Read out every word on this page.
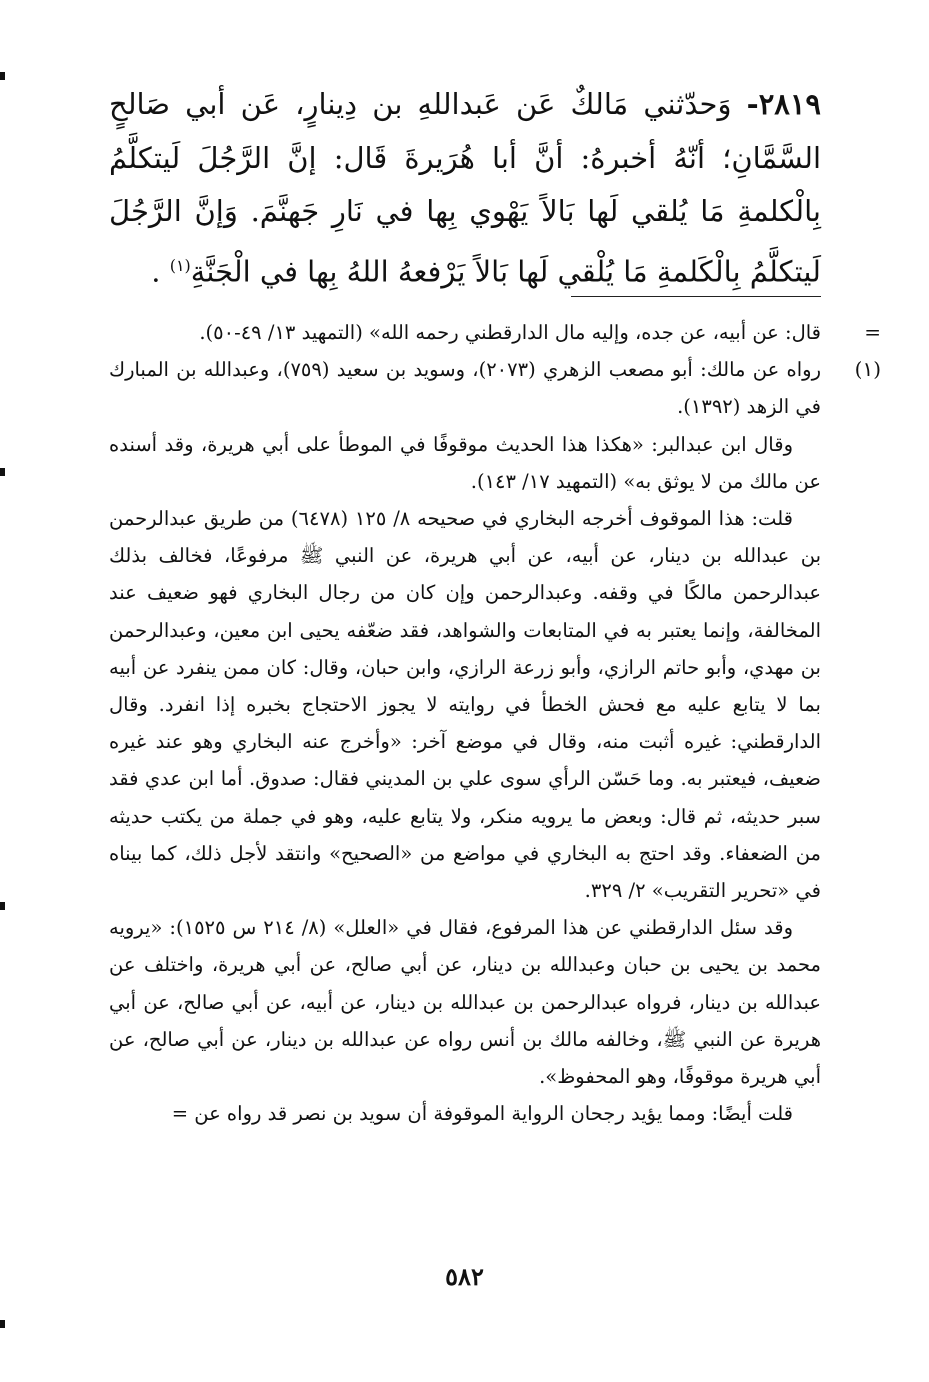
٢٨١٩- وَحدّثني مَالكٌ عَن عَبداللهِ بن دِينارٍ، عَن أبي صَالحٍ السَّمَّانِ؛ أنّهُ أخبرهُ: أنَّ أبا هُرَيرةَ قَال: إنَّ الرَّجُلَ لَيتكلَّمُ بِالْكلمةِ مَا يُلقي لَها بَالاً يَهْوي بِها في نَارِ جَهنَّمَ. وَإنَّ الرَّجُلَ لَيتكلَّمُ بِالْكَلمةِ مَا يُلْقي لَها بَالاً يَرْفعهُ اللهُ بِها في الْجَنَّةِ$^{(١)}$ .
=
قال: عن أبيه، عن جده، وإليه مال الدارقطني رحمه الله» (التمهيد ١٣/ ٤٩-٥٠).
(١)
رواه عن مالك: أبو مصعب الزهري (٢٠٧٣)، وسويد بن سعيد (٧٥٩)، وعبدالله بن المبارك في الزهد (١٣٩٢).
وقال ابن عبدالبر: «هكذا هذا الحديث موقوفًا في الموطأ على أبي هريرة، وقد أسنده عن مالك من لا يوثق به» (التمهيد ١٧/ ١٤٣).
قلت: هذا الموقوف أخرجه البخاري في صحيحه ٨/ ١٢٥ (٦٤٧٨) من طريق عبدالرحمن بن عبدالله بن دينار، عن أبيه، عن أبي هريرة، عن النبي ﷺ مرفوعًا، فخالف بذلك عبدالرحمن مالكًا في وقفه. وعبدالرحمن وإن كان من رجال البخاري فهو ضعيف عند المخالفة، وإنما يعتبر به في المتابعات والشواهد، فقد ضعّفه يحيى ابن معين، وعبدالرحمن بن مهدي، وأبو حاتم الرازي، وأبو زرعة الرازي، وابن حبان، وقال: كان ممن ينفرد عن أبيه بما لا يتابع عليه مع فحش الخطأ في روايته لا يجوز الاحتجاج بخبره إذا انفرد. وقال الدارقطني: غيره أثبت منه، وقال في موضع آخر: «وأخرج عنه البخاري وهو عند غيره ضعيف، فيعتبر به. وما حَسّن الرأي سوى علي بن المديني فقال: صدوق. أما ابن عدي فقد سبر حديثه، ثم قال: وبعض ما يرويه منكر، ولا يتابع عليه، وهو في جملة من يكتب حديثه من الضعفاء. وقد احتج به البخاري في مواضع من «الصحيح» وانتقد لأجل ذلك، كما بيناه في «تحرير التقريب» ٢/ ٣٢٩.
وقد سئل الدارقطني عن هذا المرفوع، فقال في «العلل» (٨/ ٢١٤ س ١٥٢٥): «يرويه محمد بن يحيى بن حبان وعبدالله بن دينار، عن أبي صالح، عن أبي هريرة، واختلف عن عبدالله بن دينار، فرواه عبدالرحمن بن عبدالله بن دينار، عن أبيه، عن أبي صالح، عن أبي هريرة عن النبي ﷺ، وخالفه مالك بن أنس رواه عن عبدالله بن دينار، عن أبي صالح، عن أبي هريرة موقوفًا، وهو المحفوظ».
قلت أيضًا: ومما يؤيد رجحان الرواية الموقوفة أن سويد بن نصر قد رواه عن =
٥٨٢
